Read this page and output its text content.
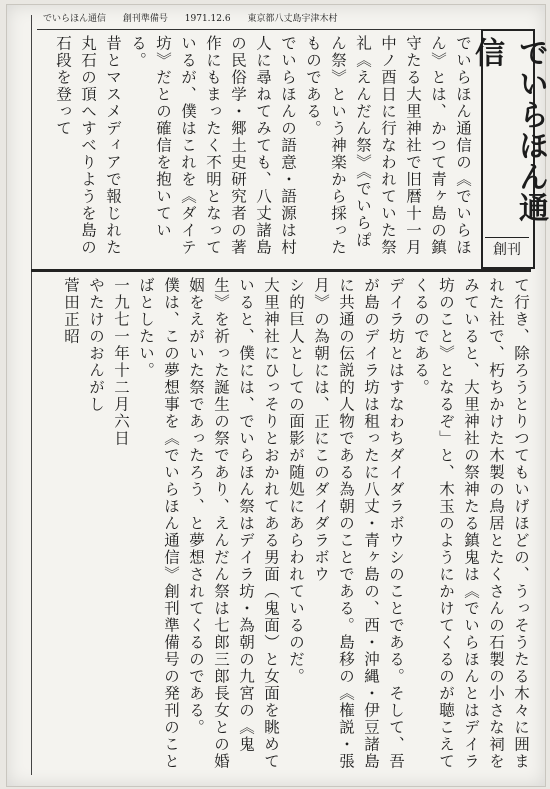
でいらほん通信 創刊準備号 1971.12.6 東京都八丈島宇津木村
でいらほん通信
創刊

でいらほん通信の《でいらほん》とは、かつて青ヶ島の鎮守たる大里神社で旧暦十一月中ノ酉日に行なわれていた祭礼《えんだん祭》《でいらぽん祭》という神楽から採ったものである。

でいらほんの語意・語源は村人に尋ねてみても、八丈諸島の民俗学・郷土史研究者の著作にもまったく不明となっているが、僕はこれを《ダイテ坊》だとの確信を抱いている。

昔とマスメディアで報じれた丸石の頂へすべりようを島の石段を登って

て行き、除ろうとりつてもいげほどの、うっそうたる木々に囲まれた社で、朽ちかけた木製の鳥居とたくさんの石製の小さな祠をみていると、大里神社の祭神たる鎮鬼は《でいらほんとはデイラ坊のこと》となるぞ」と、木玉のようにかけてくるのが聴こえてくるのである。

デイラ坊とはすなわちダイダラボウシのことである。そして、吾が島のデイラ坊は租ったに八丈・青ヶ島の、西・沖縄・伊豆諸島に共通の伝説的人物である為朝のことである。島移の《権説・張月》の為朝には、正にこのダイダラボウ

シ的巨人としての面影が随処にあらわれているのだ。

大里神社にひっそりとおかれてある男面（鬼面）と女面を眺めていると、僕には、でいらほん祭はデイラ坊・為朝の九宮の《鬼生》を祈った誕生の祭であり、えんだん祭は七郎三郎長女との婚姻をえがいた祭であったろう、と夢想されてくるのである。

僕は、この夢想事を《でいらほん通信》創刊準備号の発刊のことばとしたい。

一九七一年十二月六日

やたけのおんがし

菅田正昭
